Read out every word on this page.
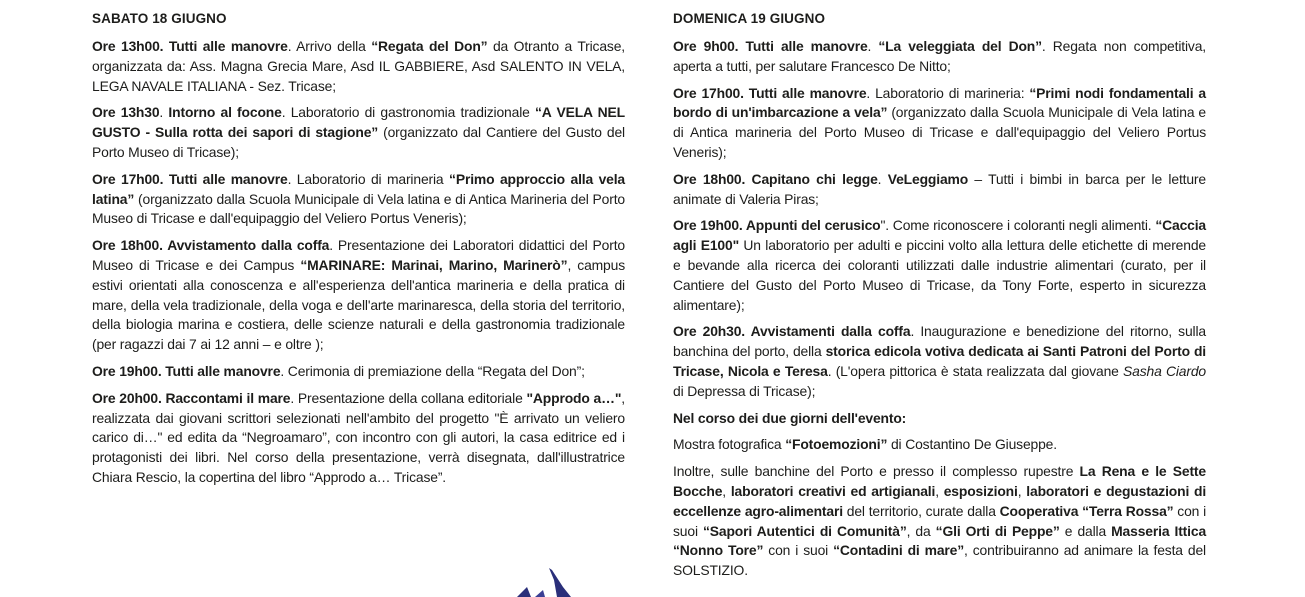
SABATO 18 GIUGNO

Ore 13h00. Tutti alle manovre. Arrivo della “Regata del Don” da Otranto a Tricase, organizzata da: Ass. Magna Grecia Mare, Asd IL GABBIERE, Asd SALENTO IN VELA, LEGA NAVALE ITALIANA - Sez. Tricase;

Ore 13h30. Intorno al focone. Laboratorio di gastronomia tradizionale “A VELA NEL GUSTO - Sulla rotta dei sapori di stagione” (organizzato dal Cantiere del Gusto del Porto Museo di Tricase);

Ore 17h00. Tutti alle manovre. Laboratorio di marineria “Primo approccio alla vela latina” (organizzato dalla Scuola Municipale di Vela latina e di Antica Marineria del Porto Museo di Tricase e dall'equipaggio del Veliero Portus Veneris);

Ore 18h00. Avvistamento dalla coffa. Presentazione dei Laboratori didattici del Porto Museo di Tricase e dei Campus “MARINARE: Marinai, Marino, Marinerò”, campus estivi orientati alla conoscenza e all'esperienza dell'antica marineria e della pratica di mare, della vela tradizionale, della voga e dell'arte marinaresca, della storia del territorio, della biologia marina e costiera, delle scienze naturali e della gastronomia tradizionale (per ragazzi dai 7 ai 12 anni – e oltre );

Ore 19h00. Tutti alle manovre. Cerimonia di premiazione della “Regata del Don”;

Ore 20h00. Raccontami il mare. Presentazione della collana editoriale "Approdo a…", realizzata dai giovani scrittori selezionati nell'ambito del progetto "È arrivato un veliero carico di…" ed edita da “Negroamaro”, con incontro con gli autori, la casa editrice ed i protagonisti dei libri. Nel corso della presentazione, verrà disegnata, dall'illustratrice Chiara Rescio, la copertina del libro “Approdo a… Tricase”.

DOMENICA 19 GIUGNO

Ore 9h00. Tutti alle manovre. “La veleggiata del Don”. Regata non competitiva, aperta a tutti, per salutare Francesco De Nitto;

Ore 17h00. Tutti alle manovre. Laboratorio di marineria: “Primi nodi fondamentali a bordo di un'imbarcazione a vela” (organizzato dalla Scuola Municipale di Vela latina e di Antica marineria del Porto Museo di Tricase e dall'equipaggio del Veliero Portus Veneris);

Ore 18h00. Capitano chi legge. VeLeggiamo – Tutti i bimbi in barca per le letture animate di Valeria Piras;

Ore 19h00. Appunti del cerusico". Come riconoscere i coloranti negli alimenti. “Caccia agli E100" Un laboratorio per adulti e piccini volto alla lettura delle etichette di merende e bevande alla ricerca dei coloranti utilizzati dalle industrie alimentari (curato, per il Cantiere del Gusto del Porto Museo di Tricase, da Tony Forte, esperto in sicurezza alimentare);

Ore 20h30. Avvistamenti dalla coffa. Inaugurazione e benedizione del ritorno, sulla banchina del porto, della storica edicola votiva dedicata ai Santi Patroni del Porto di Tricase, Nicola e Teresa. (L'opera pittorica è stata realizzata dal giovane Sasha Ciardo di Depressa di Tricase);

Nel corso dei due giorni dell'evento:

Mostra fotografica “Fotoemozioni” di Costantino De Giuseppe.

Inoltre, sulle banchine del Porto e presso il complesso rupestre La Rena e le Sette Bocche, laboratori creativi ed artigianali, esposizioni, laboratori e degustazioni di eccellenze agro-alimentari del territorio, curate dalla Cooperativa “Terra Rossa” con i suoi “Sapori Autentici di Comunità”, da “Gli Orti di Peppe” e dalla Masseria Ittica “Nonno Tore” con i suoi “Contadini di mare”, contribuiranno ad animare la festa del SOLSTIZIO.
